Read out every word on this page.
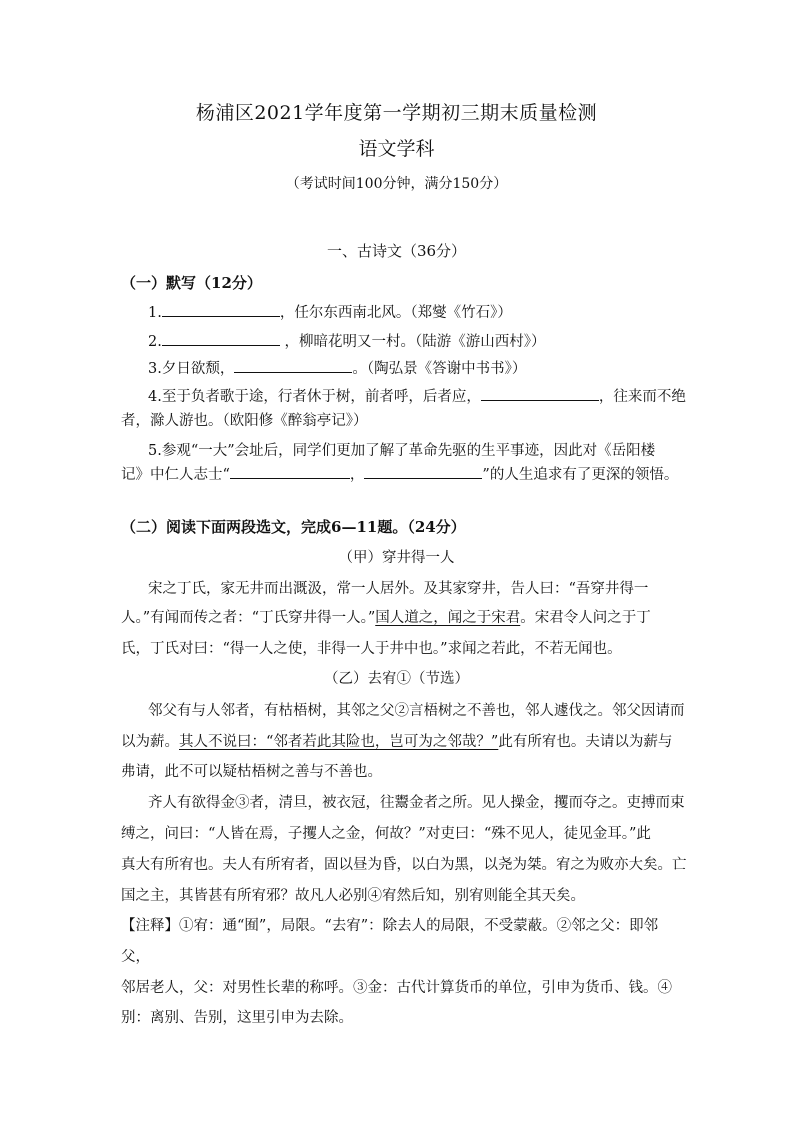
杨浦区2021学年度第一学期初三期末质量检测
语文学科
（考试时间100分钟，满分150分）
一、古诗文（36分）
（一）默写（12分）
1.	，任尔东西南北风。（郑燮《竹石》）
2.	，柳暗花明又一村。（陆游《游山西村》）
3.夕日欲颓，	。（陶弘景《答谢中书书》）
4.至于负者歌于途，行者休于树，前者呼，后者应，	，往来而不绝
者，滁人游也。（欧阳修《醉翁亭记》）
5.参观“一大”会址后，同学们更加了解了革命先驱的生平事迹，因此对《岳阳楼
记》中仁人志士“	，	”的人生追求有了更深的领悟。
（二）阅读下面两段选文，完成6—11题。（24分）
（甲）穿井得一人
宋之丁氏，家无井而出溉汲，常一人居外。及其家穿井，告人曰：“吾穿井得一
人。”有闻而传之者：“丁氏穿井得一人。”国人道之，闻之于宋君。宋君令人问之于丁
氏，丁氏对曰：“得一人之使，非得一人于井中也。”求闻之若此，不若无闻也。
（乙）去宥①（节选）
邻父有与人邻者，有枯梧树，其邻之父②言梧树之不善也，邻人遽伐之。邻父因请而
以为薪。其人不说曰：“邻者若此其险也，岂可为之邻哉？”此有所宥也。夫请以为薪与
弗请，此不可以疑枯梧树之善与不善也。
齐人有欲得金③者，清旦，被衣冠，往鬻金者之所。见人操金，攫而夺之。吏搏而束
缚之，问曰：“人皆在焉，子攫人之金，何故？”对吏曰：“殊不见人，徒见金耳。”此
真大有所宥也。夫人有所宥者，固以昼为昏，以白为黑，以尧为桀。宥之为败亦大矣。亡
国之主，其皆甚有所宥邪？故凡人必别④宥然后知，别宥则能全其天矣。
【注释】①宥：通“囿”，局限。“去宥”：除去人的局限，不受蒙蔽。②邻之父：即邻
父，
邻居老人，父：对男性长辈的称呼。③金：古代计算货币的单位，引申为货币、钱。④
别：离别、告别，这里引申为去除。
